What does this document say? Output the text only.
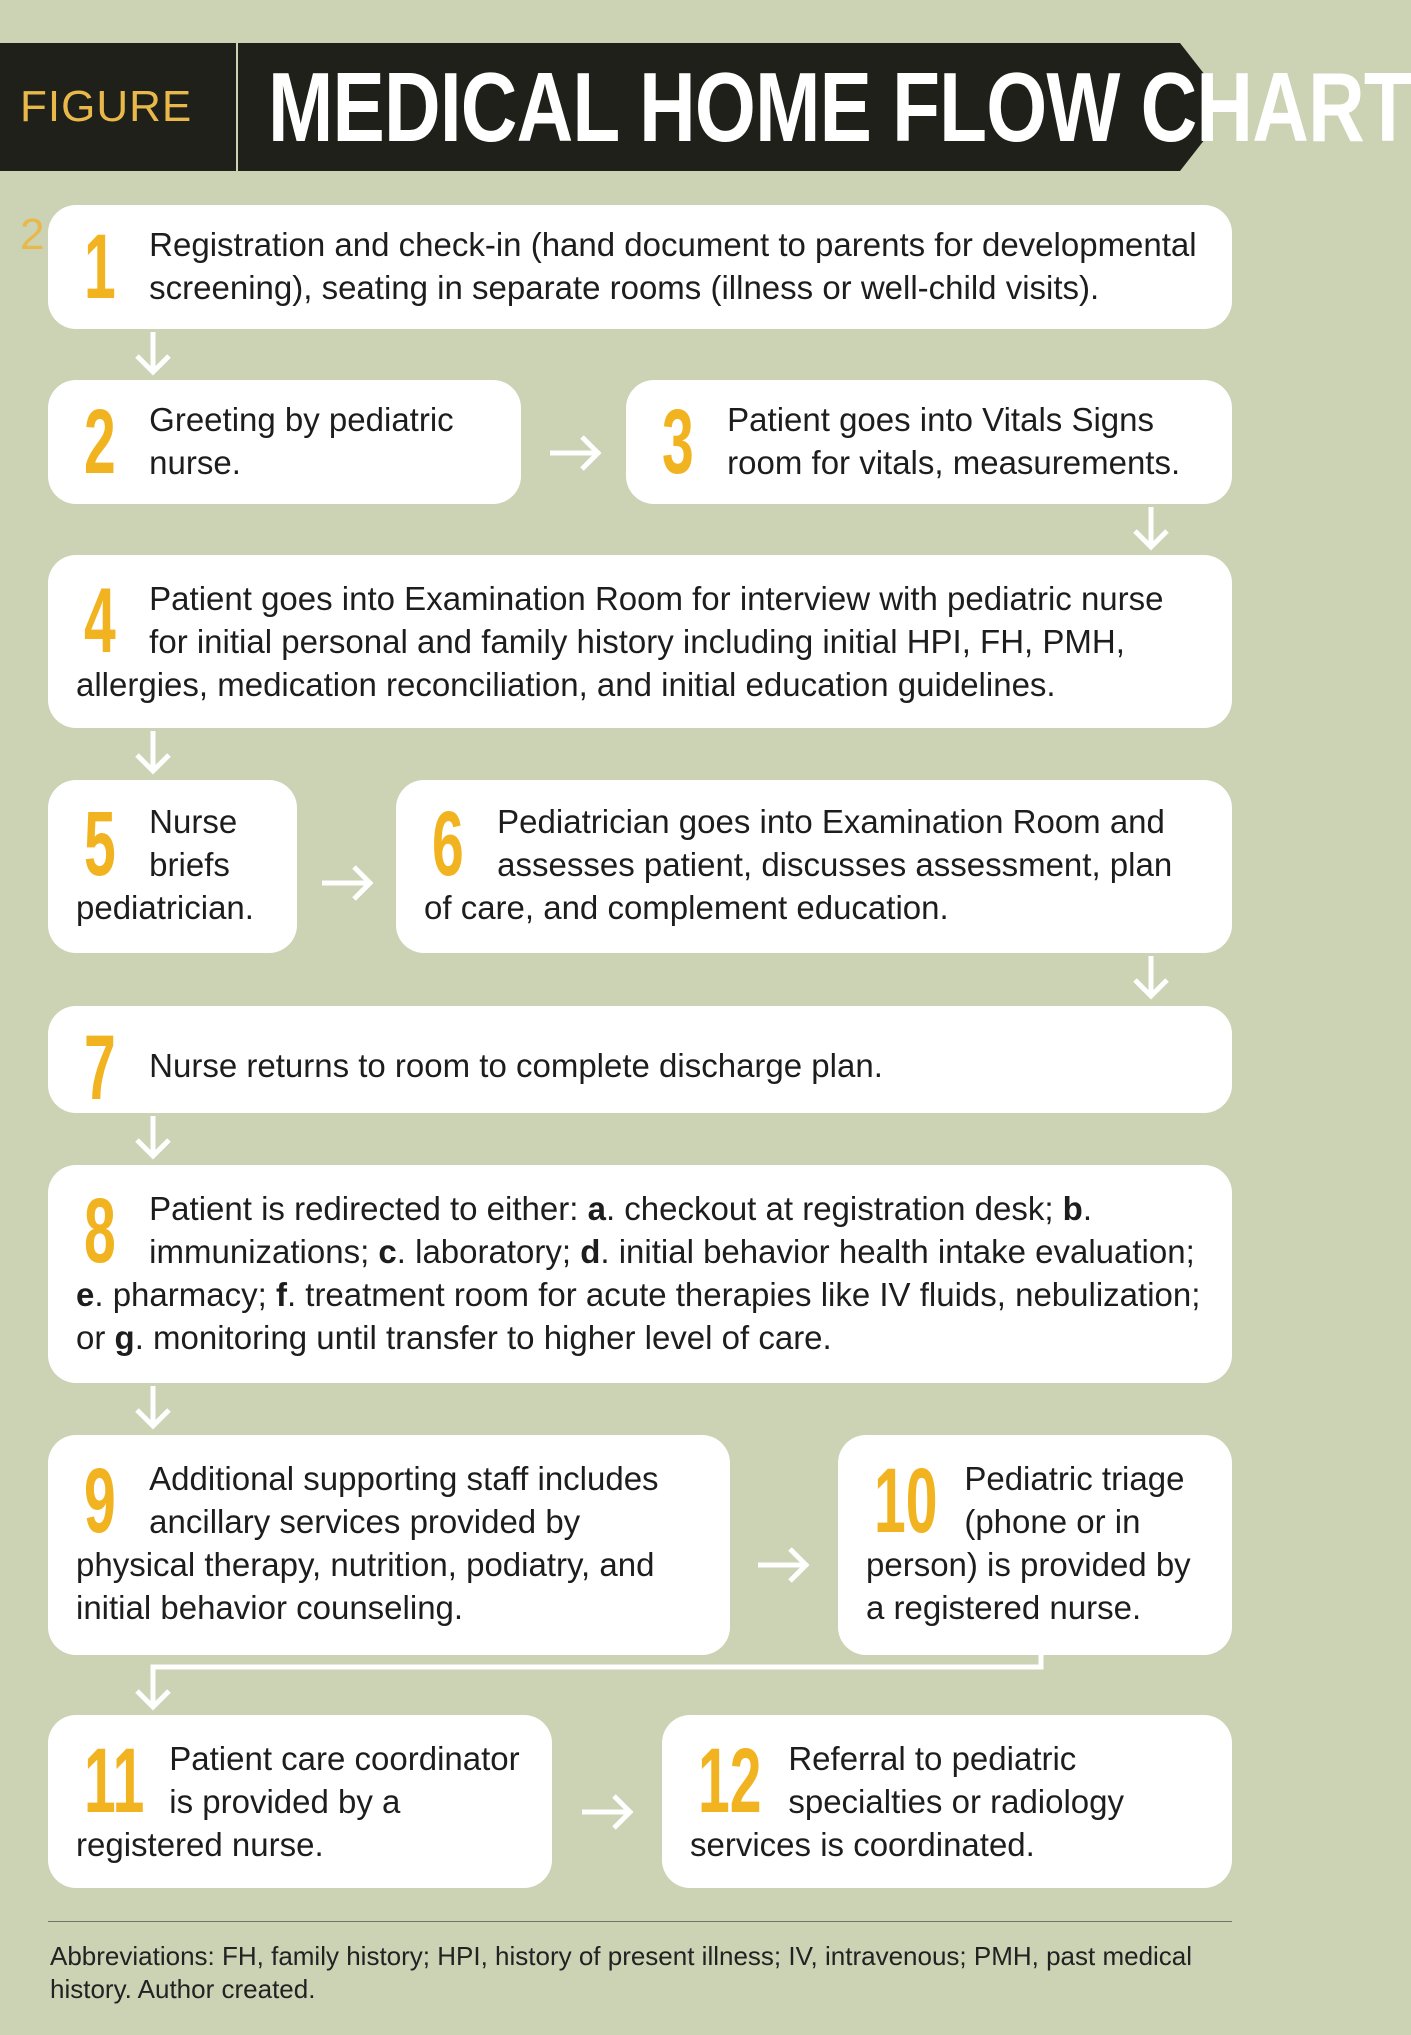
FIGURE 2
MEDICAL HOME FLOW CHART
1 Registration and check-in (hand document to parents for developmental screening), seating in separate rooms (illness or well-child visits).
2 Greeting by pediatric nurse.	3 Patient goes into Vitals Signs room for vitals, measurements.
4 Patient goes into Examination Room for interview with pediatric nurse for initial personal and family history including initial HPI, FH, PMH, allergies, medication reconciliation, and initial education guidelines.
5 Nurse briefs pediatrician.
6 Pediatrician goes into Examination Room and assesses patient, discusses assessment, plan of care, and complement education.
7 Nurse returns to room to complete discharge plan.
8 Patient is redirected to either: a. checkout at registration desk; b. immunizations; c. laboratory; d. initial behavior health intake evaluation; e. pharmacy; f. treatment room for acute therapies like IV fluids, nebulization; or g. monitoring until transfer to higher level of care.
9 Additional supporting staff includes ancillary services provided by physical therapy, nutrition, podiatry, and initial behavior counseling.
10 Pediatric triage (phone or in person) is provided by a registered nurse.
11 Patient care coordinator is provided by a registered nurse.
12 Referral to pediatric specialties or radiology services is coordinated.
Abbreviations: FH, family history; HPI, history of present illness; IV, intravenous; PMH, past medical history. Author created.
